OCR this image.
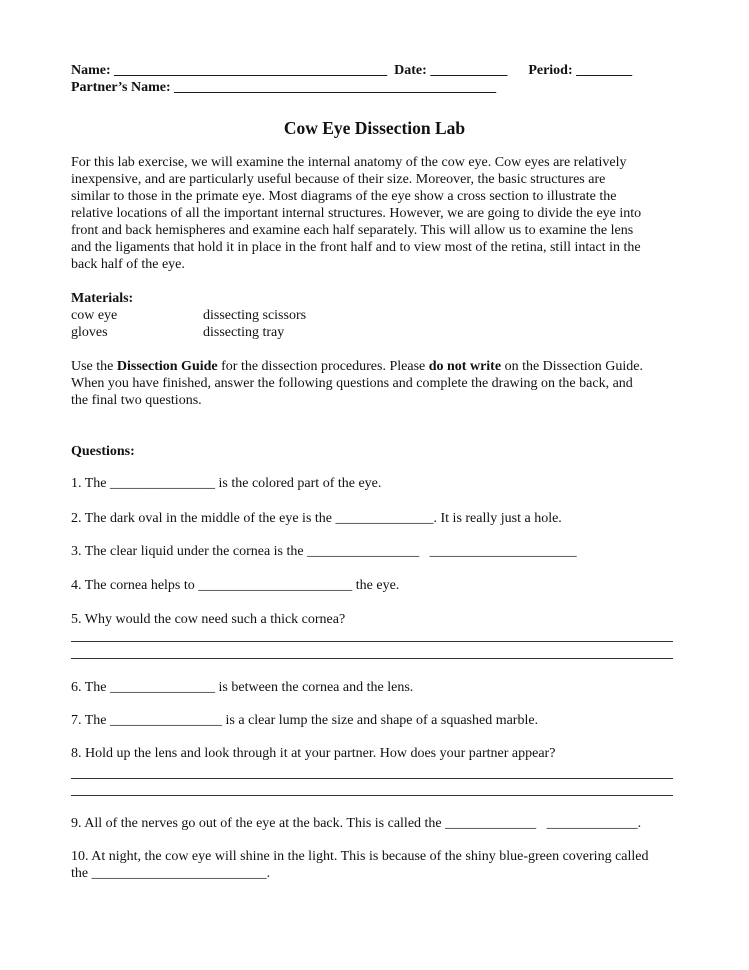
Name: _______________________________________ Date: ___________ Period: ________
Partner’s Name: ______________________________________________
Cow Eye Dissection Lab
For this lab exercise, we will examine the internal anatomy of the cow eye. Cow eyes are relatively
inexpensive, and are particularly useful because of their size. Moreover, the basic structures are
similar to those in the primate eye. Most diagrams of the eye show a cross section to illustrate the
relative locations of all the important internal structures. However, we are going to divide the eye into
front and back hemispheres and examine each half separately. This will allow us to examine the lens
and the ligaments that hold it in place in the front half and to view most of the retina, still intact in the
back half of the eye.
Materials:
cow eye
gloves
dissecting scissors
dissecting tray
Use the Dissection Guide for the dissection procedures. Please do not write on the Dissection Guide.
When you have finished, answer the following questions and complete the drawing on the back, and
the final two questions.
Questions:
1. The _______________ is the colored part of the eye.
2. The dark oval in the middle of the eye is the ______________. It is really just a hole.
3. The clear liquid under the cornea is the ________________   _____________________
4. The cornea helps to ______________________ the eye.
5. Why would the cow need such a thick cornea?
6. The _______________ is between the cornea and the lens.
7. The ________________ is a clear lump the size and shape of a squashed marble.
8. Hold up the lens and look through it at your partner. How does your partner appear?
9. All of the nerves go out of the eye at the back. This is called the _____________   _____________.
10. At night, the cow eye will shine in the light. This is because of the shiny blue-green covering called
the _________________________.
